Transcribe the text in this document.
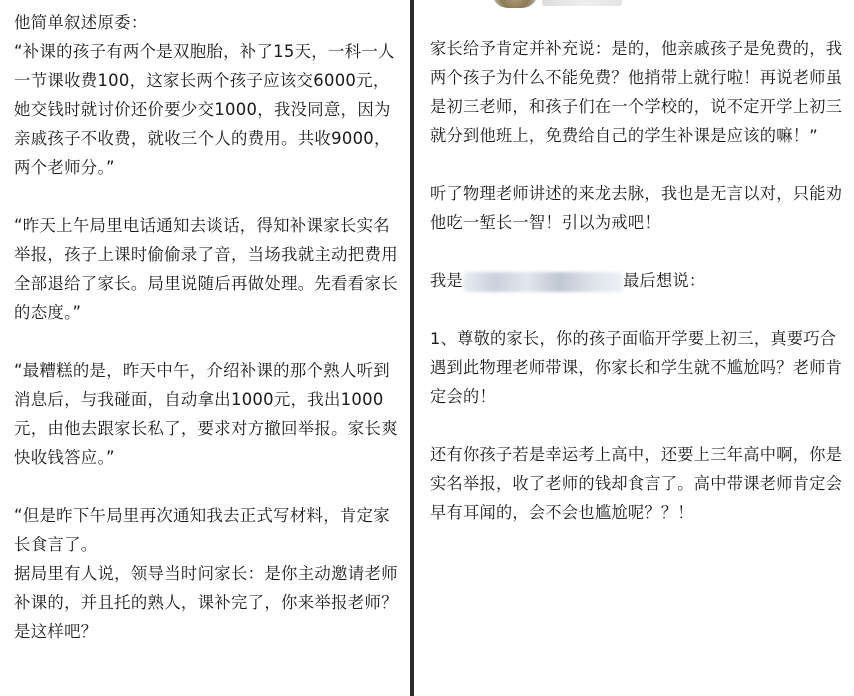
他简单叙述原委：

“补课的孩子有两个是双胞胎，补了15天，一科一人一节课收费100，这家长两个孩子应该交6000元，她交钱时就讨价还价要少交1000，我没同意，因为亲戚孩子不收费，就收三个人的费用。共收9000，两个老师分。”

“昨天上午局里电话通知去谈话，得知补课家长实名举报，孩子上课时偷偷录了音，当场我就主动把费用全部退给了家长。局里说随后再做处理。先看看家长的态度。”

“最糟糕的是，昨天中午，介绍补课的那个熟人听到消息后，与我碰面，自动拿出1000元，我出1000元，由他去跟家长私了，要求对方撤回举报。家长爽快收钱答应。”

“但是昨下午局里再次通知我去正式写材料，肯定家长食言了。

据局里有人说，领导当时问家长：是你主动邀请老师补课的，并且托的熟人，课补完了，你来举报老师？是这样吧？

家长给予肯定并补充说：是的，他亲戚孩子是免费的，我两个孩子为什么不能免费？他捎带上就行啦！再说老师虽是初三老师，和孩子们在一个学校的，说不定开学上初三就分到他班上，免费给自己的学生补课是应该的嘛！”

听了物理老师讲述的来龙去脉，我也是无言以对，只能劝他吃一堑长一智！引以为戒吧！

我是	最后想说：

1、尊敬的家长，你的孩子面临开学要上初三，真要巧合遇到此物理老师带课，你家长和学生就不尴尬吗？老师肯定会的！

还有你孩子若是幸运考上高中，还要上三年高中啊，你是实名举报，收了老师的钱却食言了。高中带课老师肯定会早有耳闻的，会不会也尴尬呢？？！
